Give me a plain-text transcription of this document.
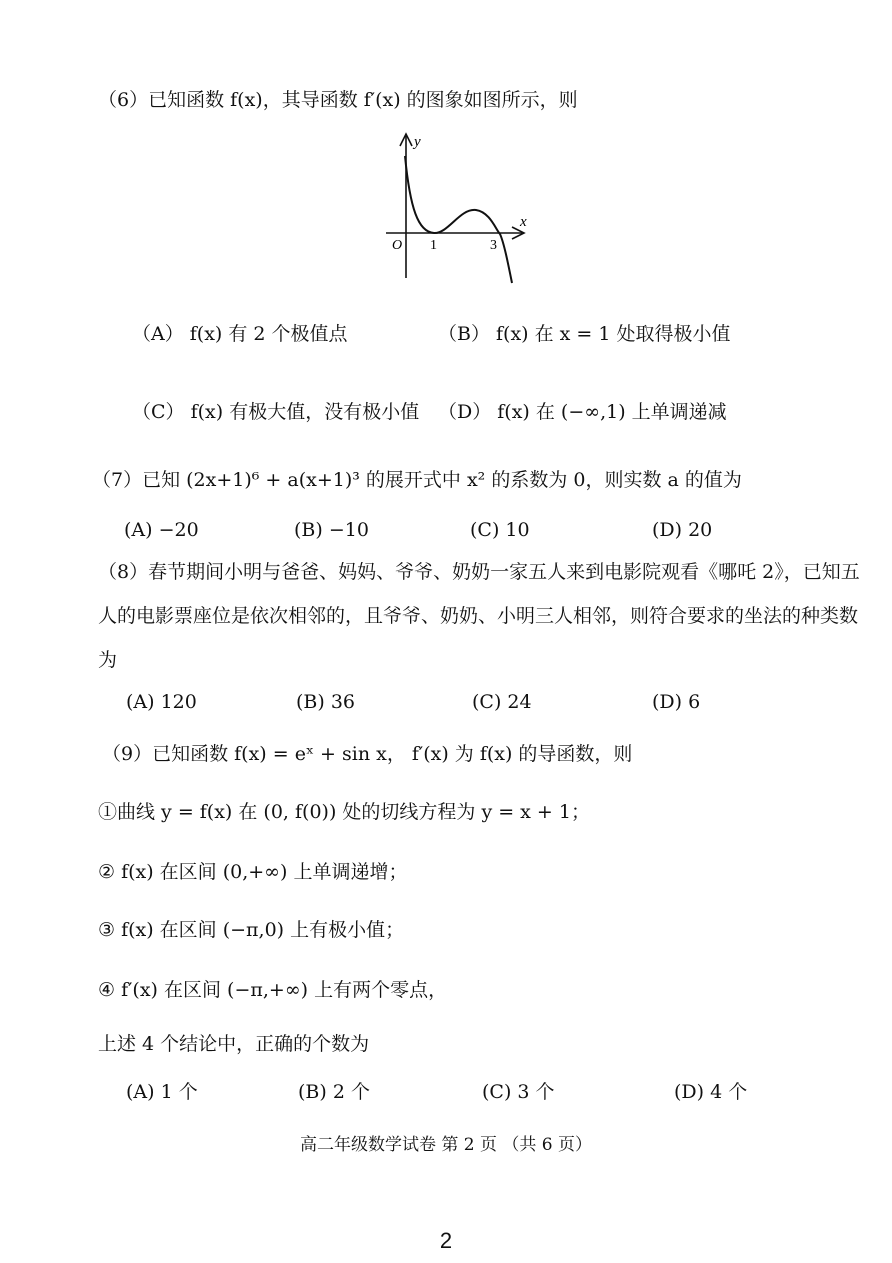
（6）已知函数 f(x)，其导函数 f′(x) 的图象如图所示，则
y
x
O 1	3
（A） f(x) 有 2 个极值点	（B） f(x) 在 x = 1 处取得极小值
（C） f(x) 有极大值，没有极小值 （D） f(x) 在 (−∞,1) 上单调递减
（7）已知 (2x+1)⁶ + a(x+1)³ 的展开式中 x² 的系数为 0，则实数 a 的值为
(A) −20	(B) −10	(C) 10	(D) 20
（8）春节期间小明与爸爸、妈妈、爷爷、奶奶一家五人来到电影院观看《哪吒 2》，已知五
人的电影票座位是依次相邻的，且爷爷、奶奶、小明三人相邻，则符合要求的坐法的种类数
为
(A) 120	(B) 36	(C) 24	(D) 6
（9）已知函数 f(x) = eˣ + sin x， f′(x) 为 f(x) 的导函数，则
①曲线 y = f(x) 在 (0, f(0)) 处的切线方程为 y = x + 1；
② f(x) 在区间 (0,+∞) 上单调递增；
③ f(x) 在区间 (−π,0) 上有极小值；
④ f′(x) 在区间 (−π,+∞) 上有两个零点，
上述 4 个结论中，正确的个数为
(A) 1 个	(B) 2 个	(C) 3 个	(D) 4 个
高二年级数学试卷 第 2 页 （共 6 页）
2
